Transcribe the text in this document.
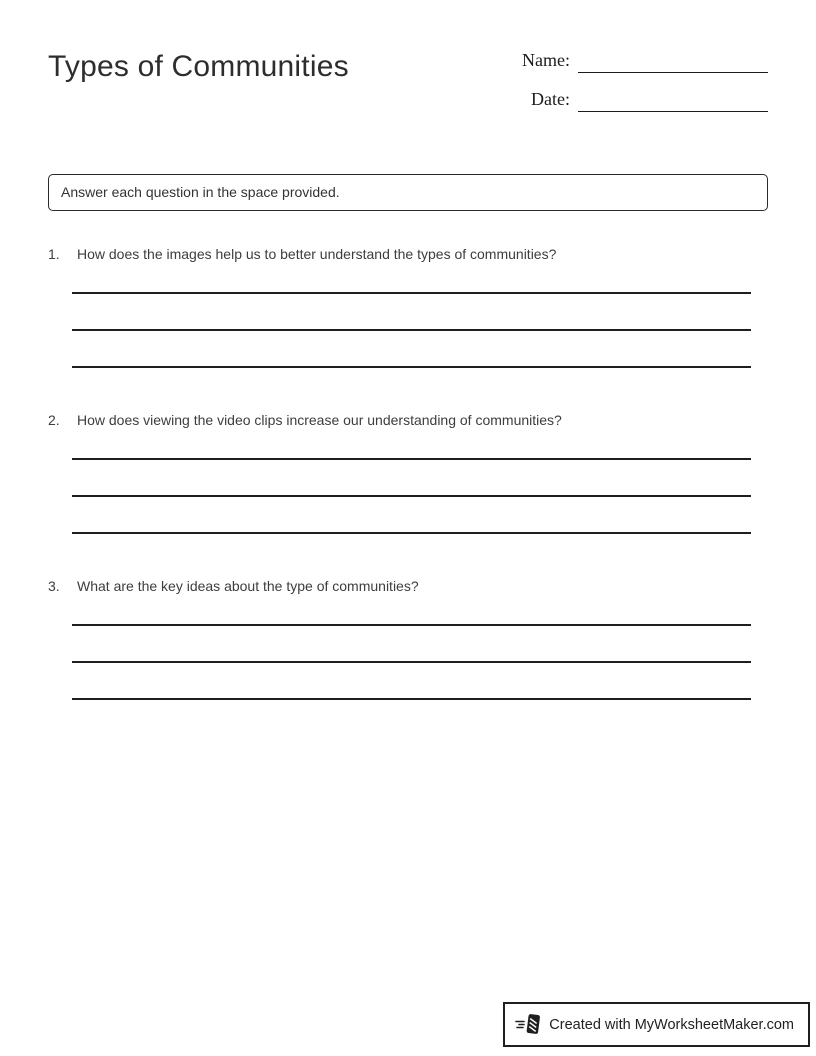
Types of Communities	Name:
Date:
Answer each question in the space provided.
1.	How does the images help us to better understand the types of communities?
2.	How does viewing the video clips increase our understanding of communities?
3.	What are the key ideas about the type of communities?
Created with MyWorksheetMaker.com
